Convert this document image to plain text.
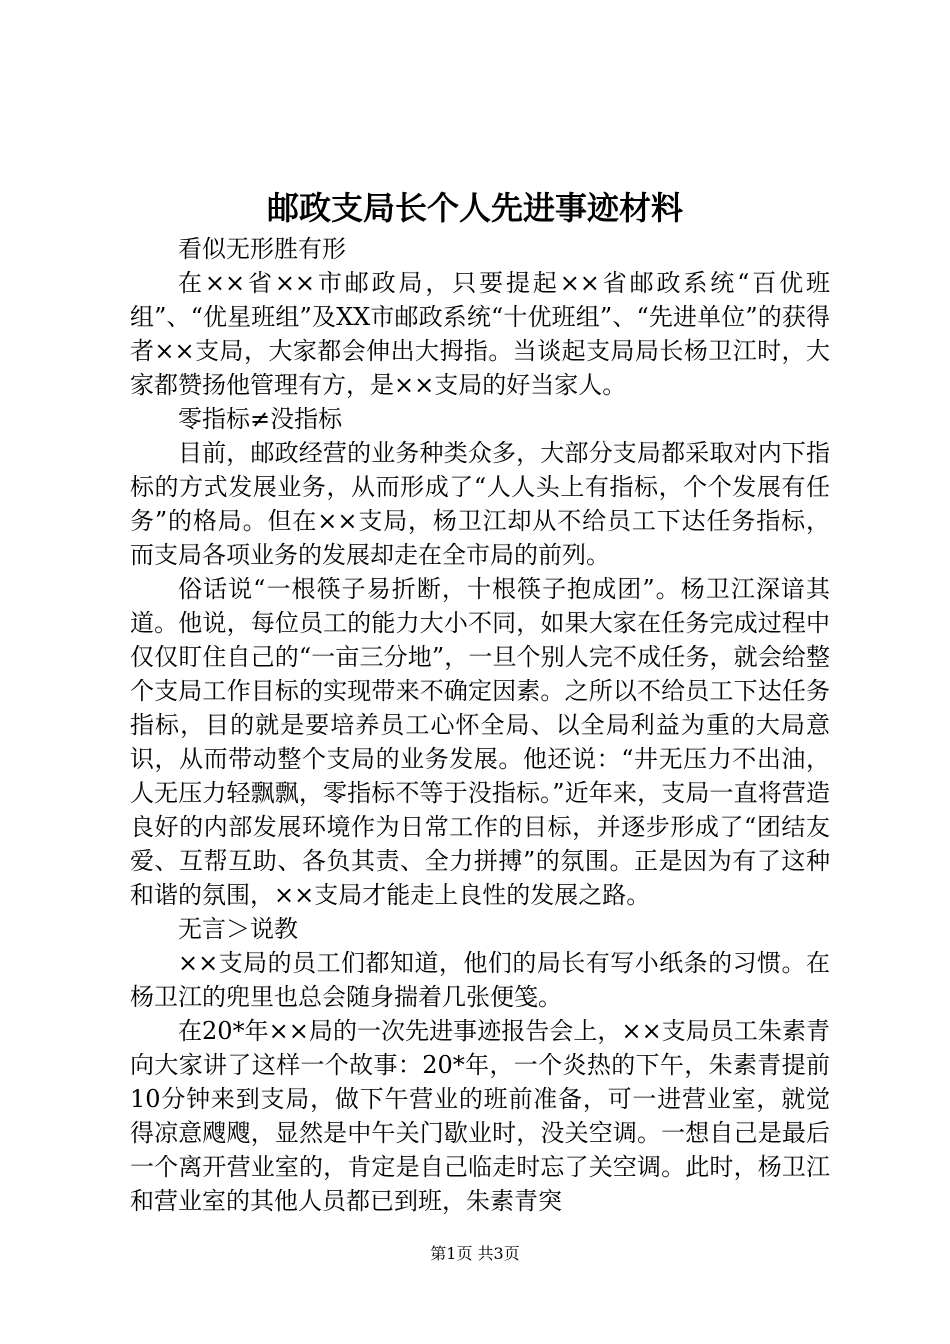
邮政支局长个人先进事迹材料

看似无形胜有形

在××省××市邮政局，只要提起××省邮政系统“百优班组”、“优星班组”及XX市邮政系统“十优班组”、“先进单位”的获得者××支局，大家都会伸出大拇指。当谈起支局局长杨卫江时，大家都赞扬他管理有方，是××支局的好当家人。

零指标≠没指标

目前，邮政经营的业务种类众多，大部分支局都采取对内下指标的方式发展业务，从而形成了“人人头上有指标，个个发展有任务”的格局。但在××支局，杨卫江却从不给员工下达任务指标，而支局各项业务的发展却走在全市局的前列。

俗话说“一根筷子易折断，十根筷子抱成团”。杨卫江深谙其道。他说，每位员工的能力大小不同，如果大家在任务完成过程中仅仅盯住自己的“一亩三分地”，一旦个别人完不成任务，就会给整个支局工作目标的实现带来不确定因素。之所以不给员工下达任务指标，目的就是要培养员工心怀全局、以全局利益为重的大局意识，从而带动整个支局的业务发展。他还说：“井无压力不出油，人无压力轻飘飘，零指标不等于没指标。”近年来，支局一直将营造良好的内部发展环境作为日常工作的目标，并逐步形成了“团结友爱、互帮互助、各负其责、全力拼搏”的氛围。正是因为有了这种和谐的氛围，××支局才能走上良性的发展之路。

无言＞说教

××支局的员工们都知道，他们的局长有写小纸条的习惯。在杨卫江的兜里也总会随身揣着几张便笺。

在20*年××局的一次先进事迹报告会上，××支局员工朱素青向大家讲了这样一个故事：20*年，一个炎热的下午，朱素青提前10分钟来到支局，做下午营业的班前准备，可一进营业室，就觉得凉意飕飕，显然是中午关门歇业时，没关空调。一想自己是最后一个离开营业室的，肯定是自己临走时忘了关空调。此时，杨卫江和营业室的其他人员都已到班，朱素青突

第1页 共3页
